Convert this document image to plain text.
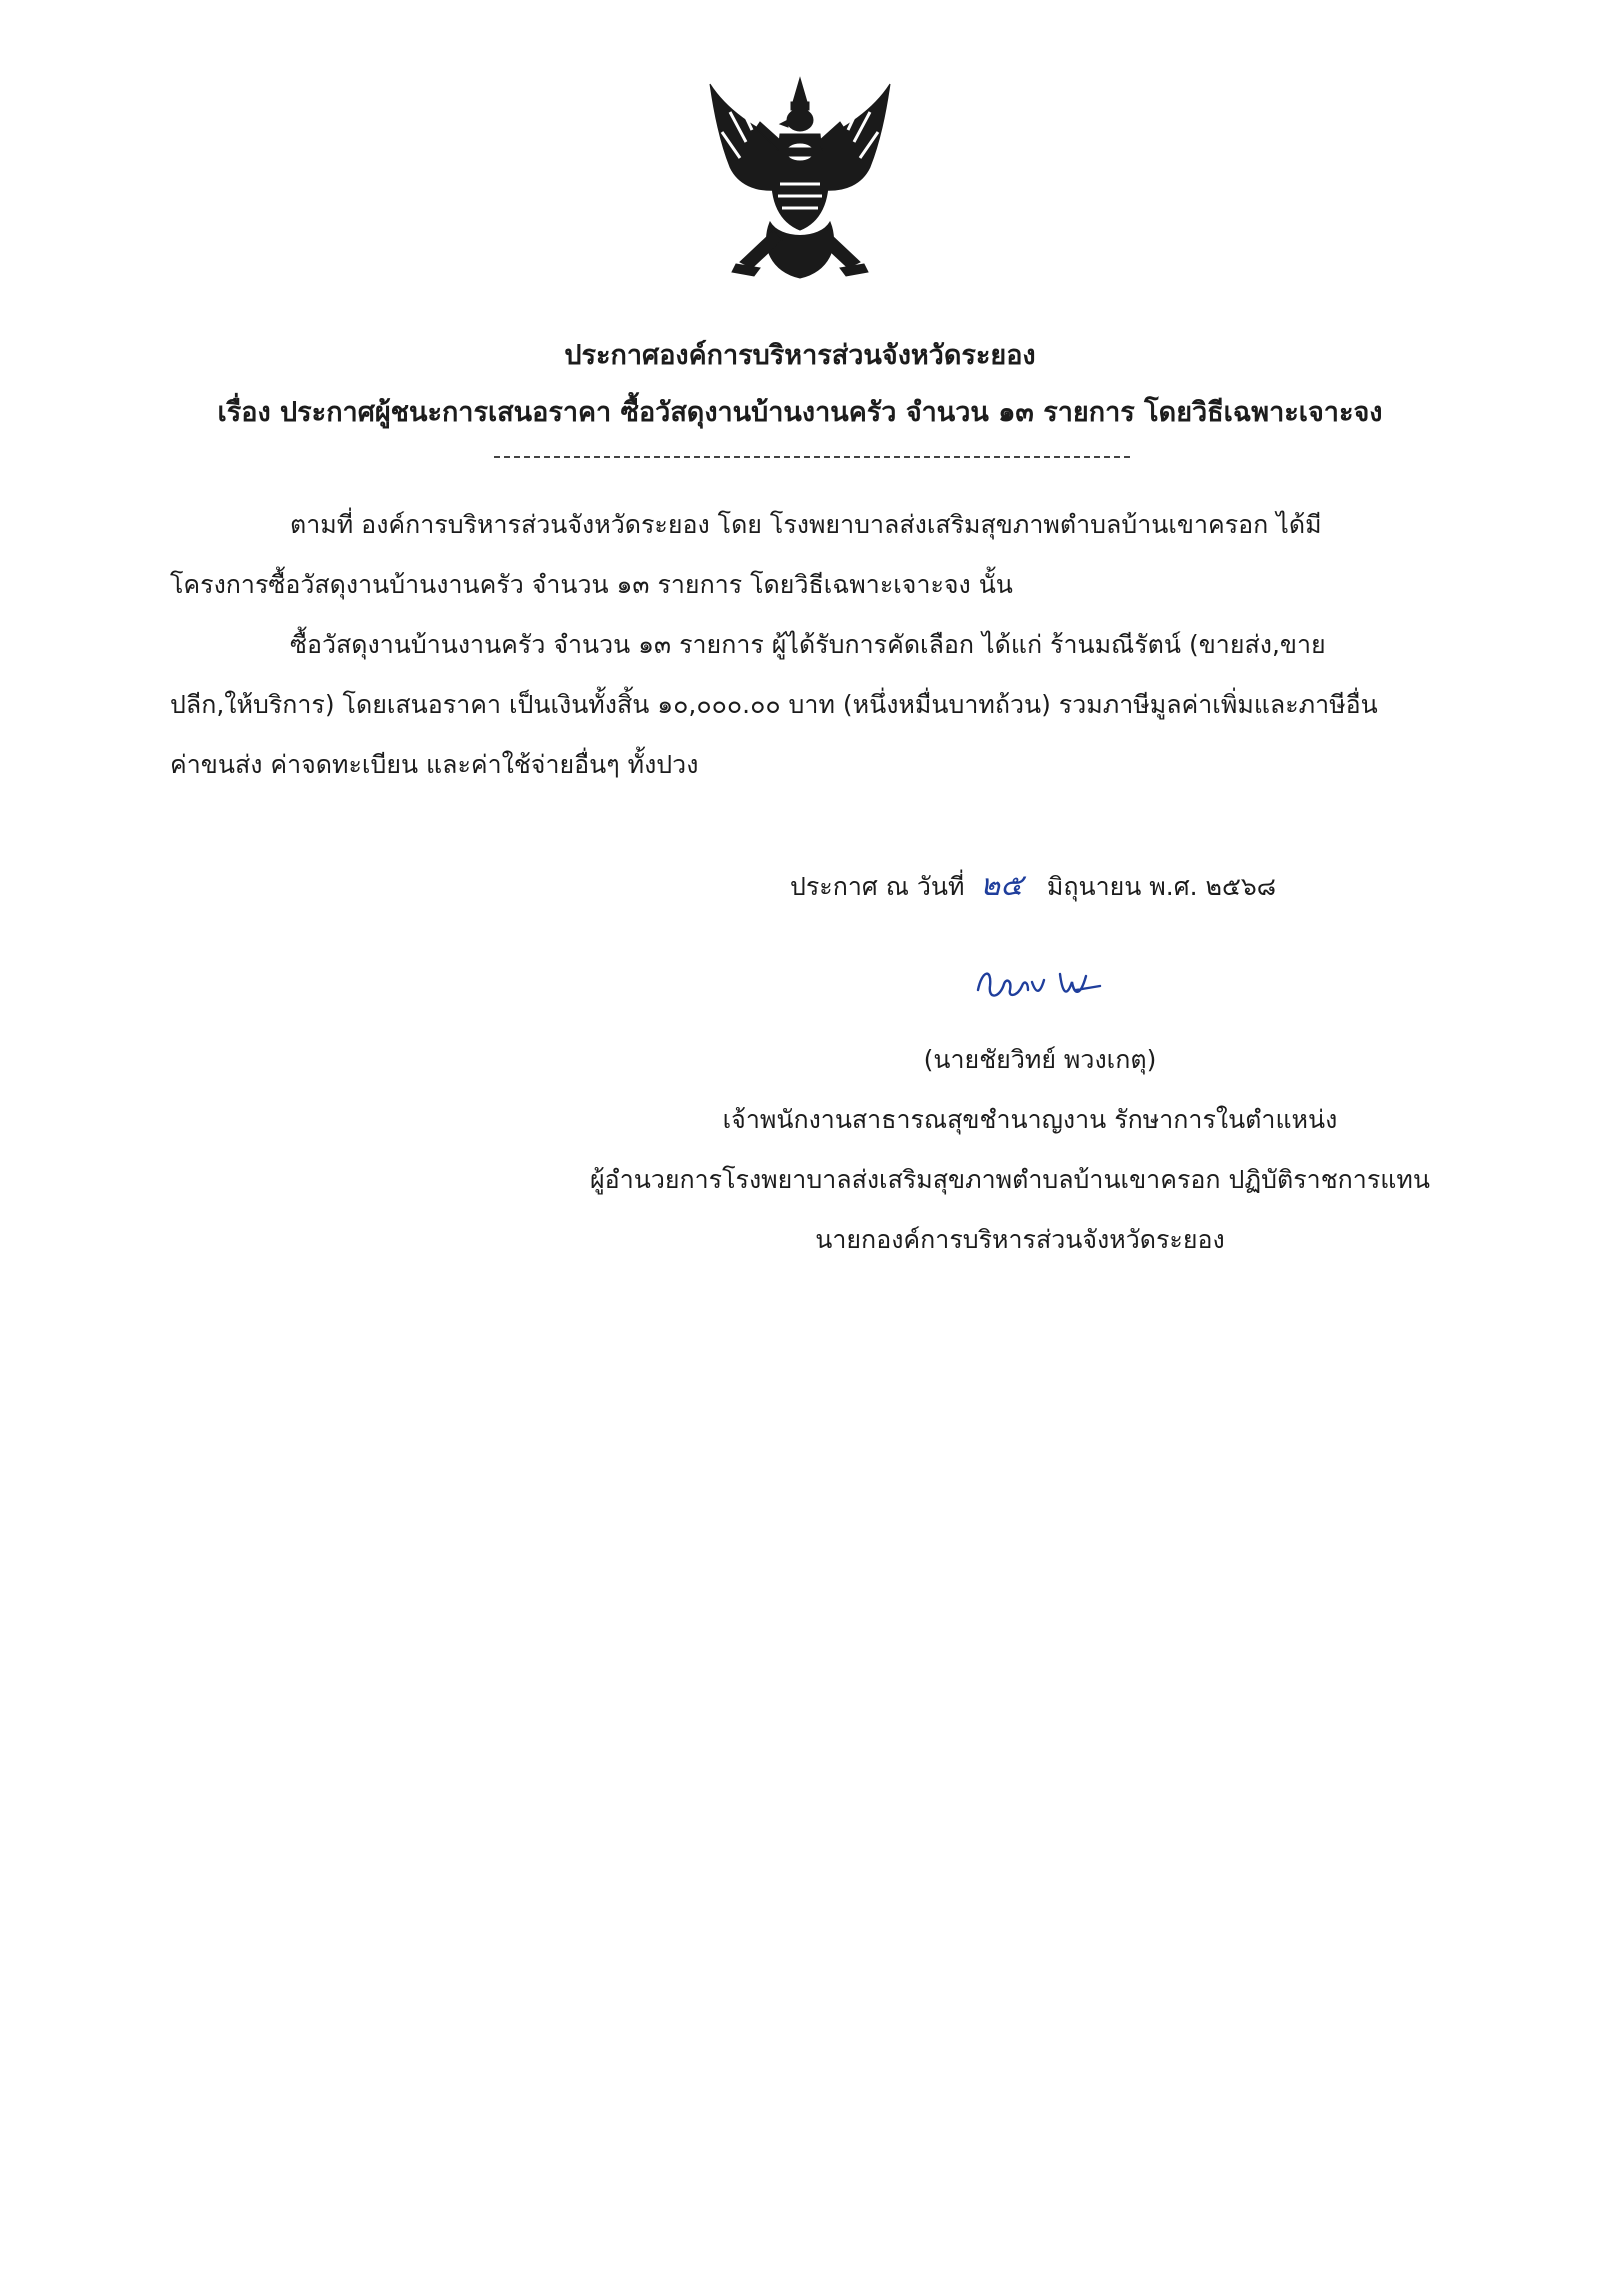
ประกาศองค์การบริหารส่วนจังหวัดระยอง
เรื่อง ประกาศผู้ชนะการเสนอราคา ซื้อวัสดุงานบ้านงานครัว จำนวน ๑๓ รายการ โดยวิธีเฉพาะเจาะจง
ตามที่ องค์การบริหารส่วนจังหวัดระยอง โดย โรงพยาบาลส่งเสริมสุขภาพตำบลบ้านเขาครอก ได้มี
โครงการซื้อวัสดุงานบ้านงานครัว จำนวน ๑๓ รายการ โดยวิธีเฉพาะเจาะจง นั้น
ซื้อวัสดุงานบ้านงานครัว จำนวน ๑๓ รายการ ผู้ได้รับการคัดเลือก ได้แก่ ร้านมณีรัตน์ (ขายส่ง,ขาย
ปลีก,ให้บริการ) โดยเสนอราคา เป็นเงินทั้งสิ้น ๑๐,๐๐๐.๐๐ บาท (หนึ่งหมื่นบาทถ้วน) รวมภาษีมูลค่าเพิ่มและภาษีอื่น
ค่าขนส่ง ค่าจดทะเบียน และค่าใช้จ่ายอื่นๆ ทั้งปวง
ประกาศ ณ วันที่ ๒๕ มิถุนายน พ.ศ. ๒๕๖๘
(นายชัยวิทย์ พวงเกตุ)
เจ้าพนักงานสาธารณสุขชำนาญงาน รักษาการในตำแหน่ง
ผู้อำนวยการโรงพยาบาลส่งเสริมสุขภาพตำบลบ้านเขาครอก ปฏิบัติราชการแทน
นายกองค์การบริหารส่วนจังหวัดระยอง
